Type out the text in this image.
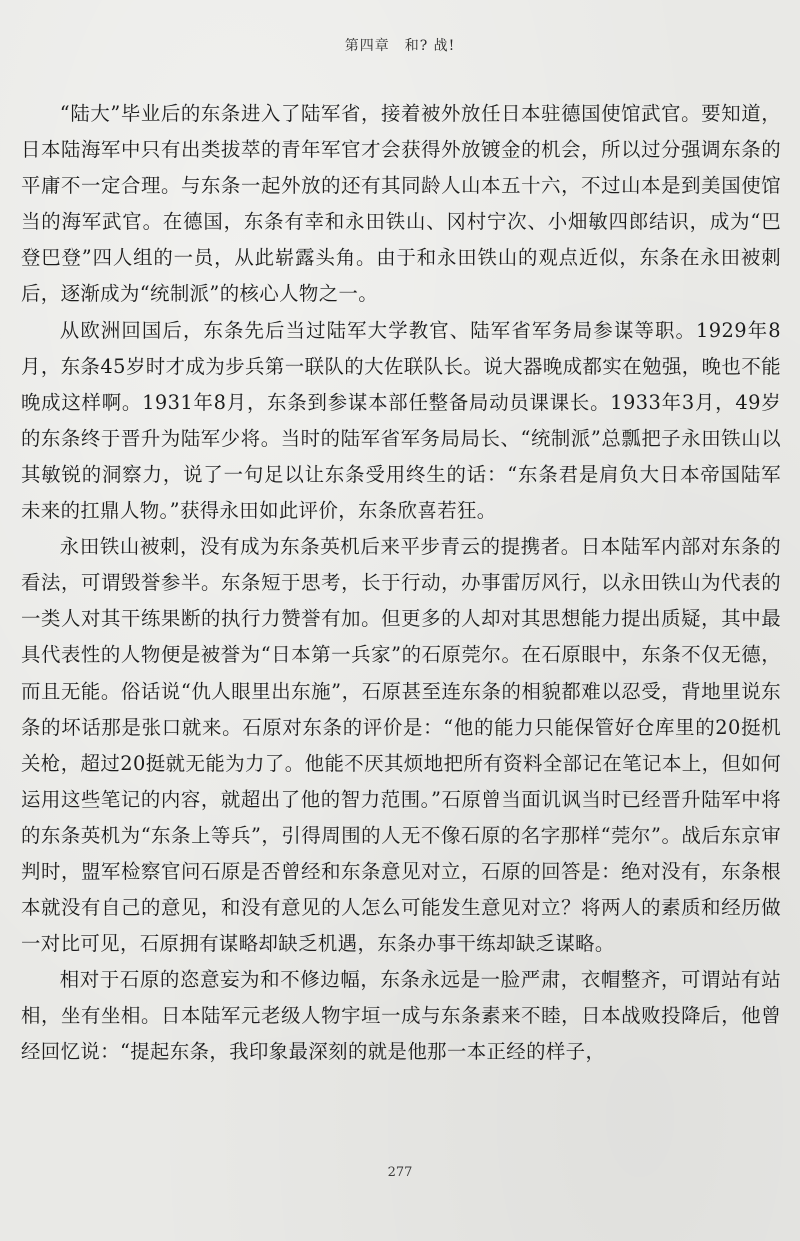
第四章　和? 战!

“陆大”毕业后的东条进入了陆军省，接着被外放任日本驻德国使馆武官。要知道，日本陆海军中只有出类拔萃的青年军官才会获得外放镀金的机会，所以过分强调东条的平庸不一定合理。与东条一起外放的还有其同龄人山本五十六，不过山本是到美国使馆当的海军武官。在德国，东条有幸和永田铁山、冈村宁次、小畑敏四郎结识，成为“巴登巴登”四人组的一员，从此崭露头角。由于和永田铁山的观点近似，东条在永田被刺后，逐渐成为“统制派”的核心人物之一。

从欧洲回国后，东条先后当过陆军大学教官、陆军省军务局参谋等职。1929年8月，东条45岁时才成为步兵第一联队的大佐联队长。说大器晚成都实在勉强，晚也不能晚成这样啊。1931年8月，东条到参谋本部任整备局动员课课长。1933年3月，49岁的东条终于晋升为陆军少将。当时的陆军省军务局局长、“统制派”总瓢把子永田铁山以其敏锐的洞察力，说了一句足以让东条受用终生的话：“东条君是肩负大日本帝国陆军未来的扛鼎人物。”获得永田如此评价，东条欣喜若狂。

永田铁山被刺，没有成为东条英机后来平步青云的提携者。日本陆军内部对东条的看法，可谓毁誉参半。东条短于思考，长于行动，办事雷厉风行，以永田铁山为代表的一类人对其干练果断的执行力赞誉有加。但更多的人却对其思想能力提出质疑，其中最具代表性的人物便是被誉为“日本第一兵家”的石原莞尔。在石原眼中，东条不仅无德，而且无能。俗话说“仇人眼里出东施”，石原甚至连东条的相貌都难以忍受，背地里说东条的坏话那是张口就来。石原对东条的评价是：“他的能力只能保管好仓库里的20挺机关枪，超过20挺就无能为力了。他能不厌其烦地把所有资料全部记在笔记本上，但如何运用这些笔记的内容，就超出了他的智力范围。”石原曾当面讥讽当时已经晋升陆军中将的东条英机为“东条上等兵”，引得周围的人无不像石原的名字那样“莞尔”。战后东京审判时，盟军检察官问石原是否曾经和东条意见对立，石原的回答是：绝对没有，东条根本就没有自己的意见，和没有意见的人怎么可能发生意见对立？将两人的素质和经历做一对比可见，石原拥有谋略却缺乏机遇，东条办事干练却缺乏谋略。

相对于石原的恣意妄为和不修边幅，东条永远是一脸严肃，衣帽整齐，可谓站有站相，坐有坐相。日本陆军元老级人物宇垣一成与东条素来不睦，日本战败投降后，他曾经回忆说：“提起东条，我印象最深刻的就是他那一本正经的样子，

277
